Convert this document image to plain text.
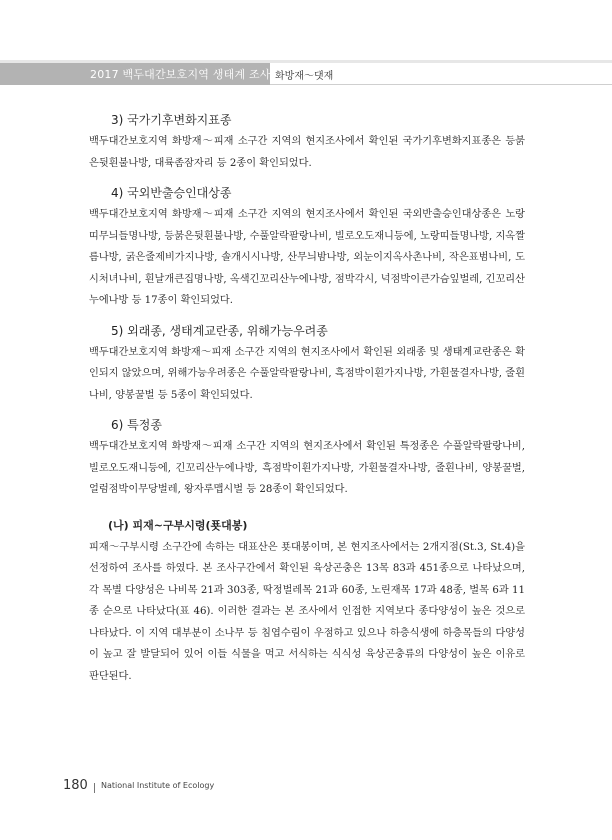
2017 백두대간보호지역 생태계 조사 화방재～댓재
3) 국가기후변화지표종

백두대간보호지역 화방재～피재 소구간 지역의 현지조사에서 확인된 국가기후변화지표종은 등붉은뒷흰불나방, 대륙좀잠자리 등 2종이 확인되었다.

4) 국외반출승인대상종

백두대간보호지역 화방재～피재 소구간 지역의 현지조사에서 확인된 국외반출승인대상종은 노랑띠무늬들명나방, 등붉은뒷흰불나방, 수풀알락팔랑나비, 빌로오도재니등에, 노랑띠들명나방, 지옥짤름나방, 굵은줄제비가지나방, 솔개시시나방, 산무늬밤나방, 외눈이지옥사촌나비, 작은표범나비, 도시처녀나비, 흰날개큰집명나방, 옥색긴꼬리산누에나방, 점박각시, 넉점박이큰가슴잎벌레, 긴꼬리산누에나방 등 17종이 확인되었다.

5) 외래종, 생태계교란종, 위해가능우려종

백두대간보호지역 화방재～피재 소구간 지역의 현지조사에서 확인된 외래종 및 생태계교란종은 확인되지 않았으며, 위해가능우려종은 수풀알락팔랑나비, 흑점박이흰가지나방, 가흰물결자나방, 줄흰나비, 양봉꿀벌 등 5종이 확인되었다.

6) 특정종

백두대간보호지역 화방재～피재 소구간 지역의 현지조사에서 확인된 특정종은 수풀알락팔랑나비, 빌로오도재니등에, 긴꼬리산누에나방, 흑점박이흰가지나방, 가흰물결자나방, 줄흰나비, 양봉꿀벌, 얼럼점박이무당벌레, 왕자루맵시벌 등 28종이 확인되었다.

(나) 피재~구부시령(푯대봉)

피재～구부시령 소구간에 속하는 대표산은 푯대봉이며, 본 현지조사에서는 2개지점(St.3, St.4)을 선정하여 조사를 하였다. 본 조사구간에서 확인된 육상곤충은 13목 83과 451종으로 나타났으며, 각 목별 다양성은 나비목 21과 303종, 딱정벌레목 21과 60종, 노린재목 17과 48종, 벌목 6과 11종 순으로 나타났다(표 46). 이러한 결과는 본 조사에서 인접한 지역보다 종다양성이 높은 것으로 나타났다. 이 지역 대부분이 소나무 등 침엽수림이 우점하고 있으나 하층식생에 하층목들의 다양성이 높고 잘 발달되어 있어 이들 식물을 먹고 서식하는 식식성 육상곤충류의 다양성이 높은 이유로 판단된다.

180 National Institute of Ecology
